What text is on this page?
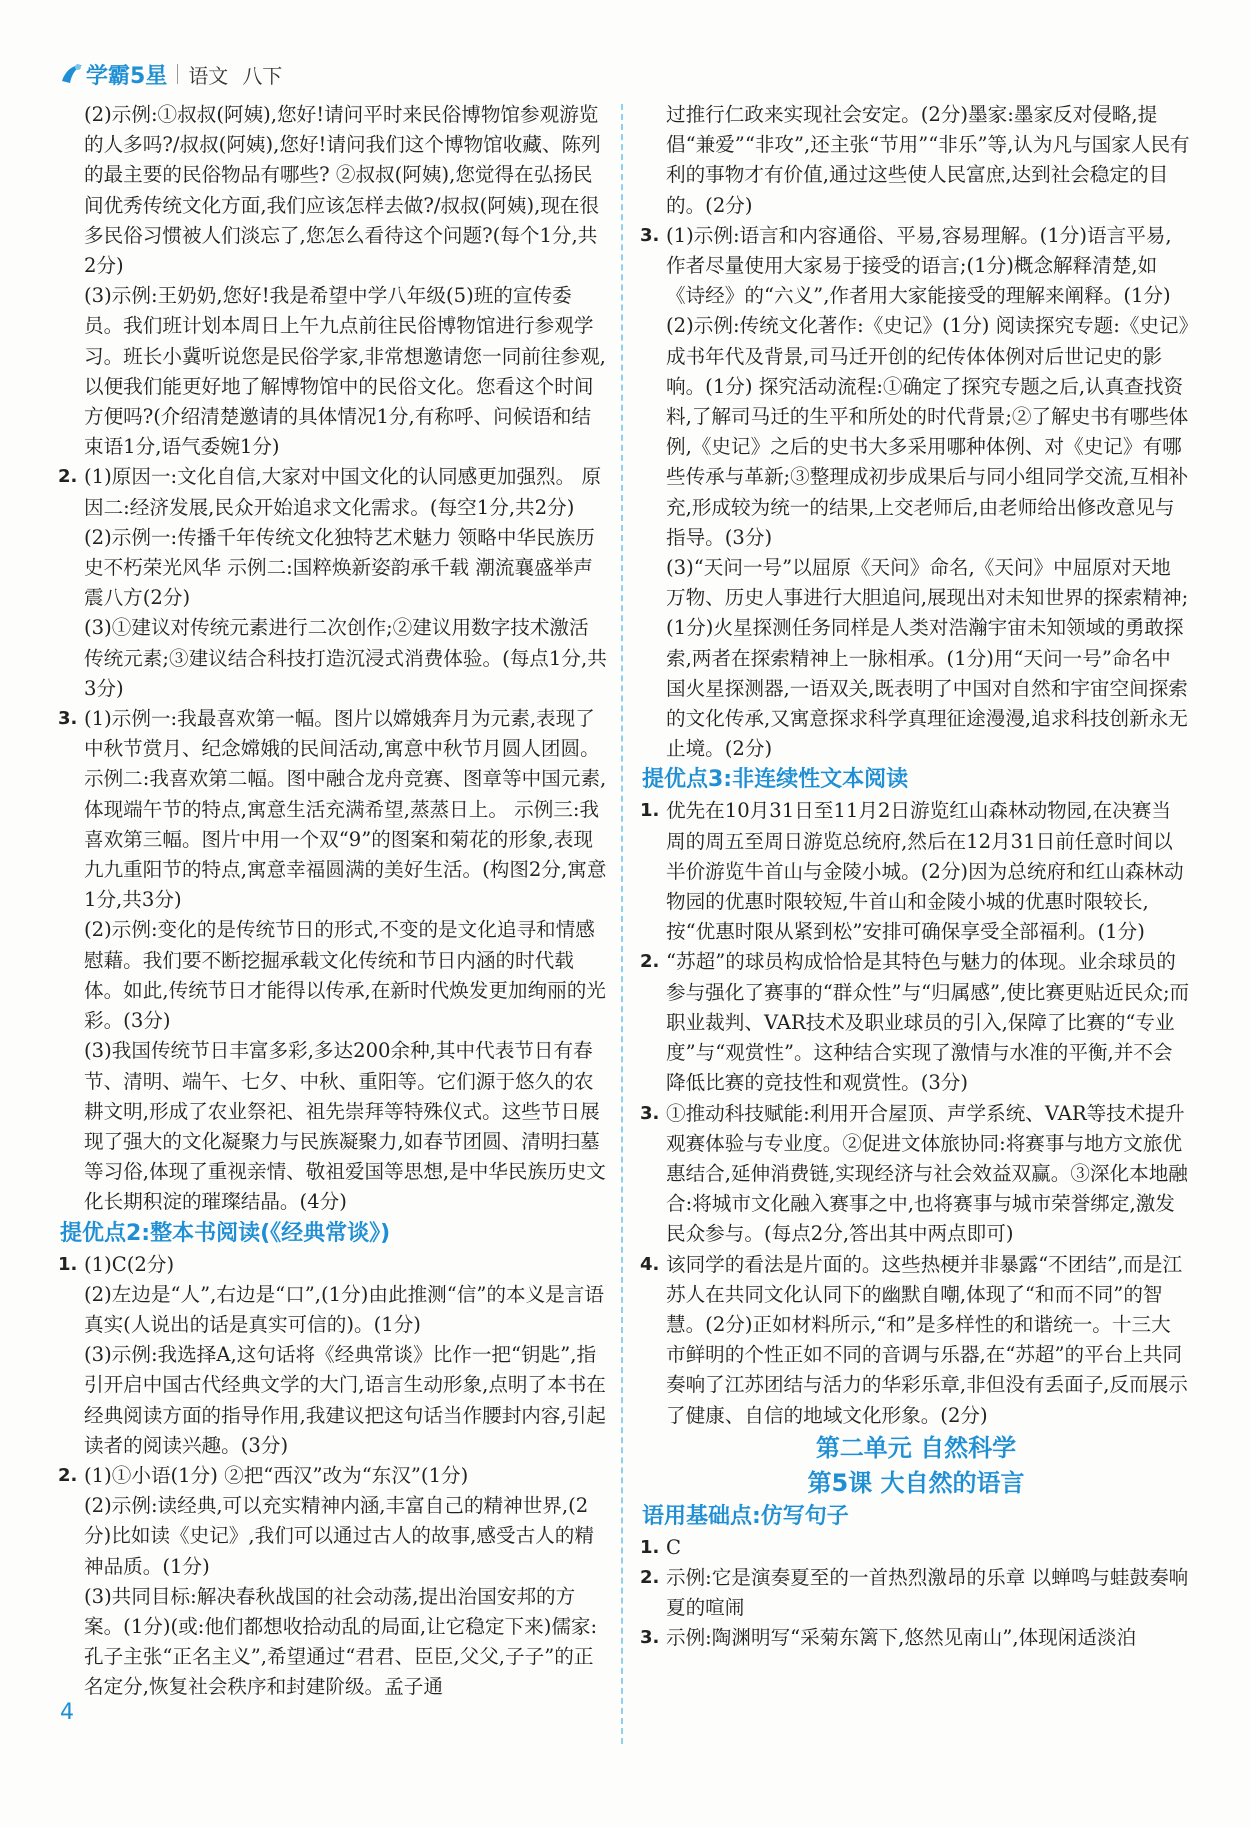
学霸5星 语文 八下
(2)示例:①叔叔(阿姨),您好!请问平时来民俗博物馆参观游览的人多吗?/叔叔(阿姨),您好!请问我们这个博物馆收藏、陈列的最主要的民俗物品有哪些? ②叔叔(阿姨),您觉得在弘扬民间优秀传统文化方面,我们应该怎样去做?/叔叔(阿姨),现在很多民俗习惯被人们淡忘了,您怎么看待这个问题?(每个1分,共2分)
(3)示例:王奶奶,您好!我是希望中学八年级(5)班的宣传委员。我们班计划本周日上午九点前往民俗博物馆进行参观学习。班长小冀听说您是民俗学家,非常想邀请您一同前往参观,以便我们能更好地了解博物馆中的民俗文化。您看这个时间方便吗?(介绍清楚邀请的具体情况1分,有称呼、问候语和结束语1分,语气委婉1分)
2. (1)原因一:文化自信,大家对中国文化的认同感更加强烈。 原因二:经济发展,民众开始追求文化需求。(每空1分,共2分)
(2)示例一:传播千年传统文化独特艺术魅力 领略中华民族历史不朽荣光风华 示例二:国粹焕新姿韵承千载 潮流襄盛举声震八方(2分)
(3)①建议对传统元素进行二次创作;②建议用数字技术激活传统元素;③建议结合科技打造沉浸式消费体验。(每点1分,共3分)
3. (1)示例一:我最喜欢第一幅。图片以嫦娥奔月为元素,表现了中秋节赏月、纪念嫦娥的民间活动,寓意中秋节月圆人团圆。 示例二:我喜欢第二幅。图中融合龙舟竞赛、图章等中国元素,体现端午节的特点,寓意生活充满希望,蒸蒸日上。 示例三:我喜欢第三幅。图片中用一个双“9”的图案和菊花的形象,表现九九重阳节的特点,寓意幸福圆满的美好生活。(构图2分,寓意1分,共3分)
(2)示例:变化的是传统节日的形式,不变的是文化追寻和情感慰藉。我们要不断挖掘承载文化传统和节日内涵的时代载体。如此,传统节日才能得以传承,在新时代焕发更加绚丽的光彩。(3分)
(3)我国传统节日丰富多彩,多达200余种,其中代表节日有春节、清明、端午、七夕、中秋、重阳等。它们源于悠久的农耕文明,形成了农业祭祀、祖先崇拜等特殊仪式。这些节日展现了强大的文化凝聚力与民族凝聚力,如春节团圆、清明扫墓等习俗,体现了重视亲情、敬祖爱国等思想,是中华民族历史文化长期积淀的璀璨结晶。(4分)
提优点2:整本书阅读(《经典常谈》)
1. (1)C(2分)
(2)左边是“人”,右边是“口”,(1分)由此推测“信”的本义是言语真实(人说出的话是真实可信的)。(1分)
(3)示例:我选择A,这句话将《经典常谈》比作一把“钥匙”,指引开启中国古代经典文学的大门,语言生动形象,点明了本书在经典阅读方面的指导作用,我建议把这句话当作腰封内容,引起读者的阅读兴趣。(3分)
2. (1)①小语(1分) ②把“西汉”改为“东汉”(1分)
(2)示例:读经典,可以充实精神内涵,丰富自己的精神世界,(2分)比如读《史记》,我们可以通过古人的故事,感受古人的精神品质。(1分)
(3)共同目标:解决春秋战国的社会动荡,提出治国安邦的方案。(1分)(或:他们都想收拾动乱的局面,让它稳定下来)儒家:孔子主张“正名主义”,希望通过“君君、臣臣,父父,子子”的正名定分,恢复社会秩序和封建阶级。孟子通
过推行仁政来实现社会安定。(2分)墨家:墨家反对侵略,提倡“兼爱”“非攻”,还主张“节用”“非乐”等,认为凡与国家人民有利的事物才有价值,通过这些使人民富庶,达到社会稳定的目的。(2分)
3. (1)示例:语言和内容通俗、平易,容易理解。(1分)语言平易,作者尽量使用大家易于接受的语言;(1分)概念解释清楚,如《诗经》的“六义”,作者用大家能接受的理解来阐释。(1分)
(2)示例:传统文化著作:《史记》(1分) 阅读探究专题:《史记》成书年代及背景,司马迁开创的纪传体体例对后世记史的影响。(1分) 探究活动流程:①确定了探究专题之后,认真查找资料,了解司马迁的生平和所处的时代背景;②了解史书有哪些体例,《史记》之后的史书大多采用哪种体例、对《史记》有哪些传承与革新;③整理成初步成果后与同小组同学交流,互相补充,形成较为统一的结果,上交老师后,由老师给出修改意见与指导。(3分)
(3)“天问一号”以屈原《天问》命名,《天问》中屈原对天地万物、历史人事进行大胆追问,展现出对未知世界的探索精神;(1分)火星探测任务同样是人类对浩瀚宇宙未知领域的勇敢探索,两者在探索精神上一脉相承。(1分)用“天问一号”命名中国火星探测器,一语双关,既表明了中国对自然和宇宙空间探索的文化传承,又寓意探求科学真理征途漫漫,追求科技创新永无止境。(2分)
提优点3:非连续性文本阅读
1. 优先在10月31日至11月2日游览红山森林动物园,在决赛当周的周五至周日游览总统府,然后在12月31日前任意时间以半价游览牛首山与金陵小城。(2分)因为总统府和红山森林动物园的优惠时限较短,牛首山和金陵小城的优惠时限较长,按“优惠时限从紧到松”安排可确保享受全部福利。(1分)
2. “苏超”的球员构成恰恰是其特色与魅力的体现。业余球员的参与强化了赛事的“群众性”与“归属感”,使比赛更贴近民众;而职业裁判、VAR技术及职业球员的引入,保障了比赛的“专业度”与“观赏性”。这种结合实现了激情与水准的平衡,并不会降低比赛的竞技性和观赏性。(3分)
3. ①推动科技赋能:利用开合屋顶、声学系统、VAR等技术提升观赛体验与专业度。②促进文体旅协同:将赛事与地方文旅优惠结合,延伸消费链,实现经济与社会效益双赢。③深化本地融合:将城市文化融入赛事之中,也将赛事与城市荣誉绑定,激发民众参与。(每点2分,答出其中两点即可)
4. 该同学的看法是片面的。这些热梗并非暴露“不团结”,而是江苏人在共同文化认同下的幽默自嘲,体现了“和而不同”的智慧。(2分)正如材料所示,“和”是多样性的和谐统一。十三大市鲜明的个性正如不同的音调与乐器,在“苏超”的平台上共同奏响了江苏团结与活力的华彩乐章,非但没有丢面子,反而展示了健康、自信的地域文化形象。(2分)
第二单元 自然科学
第5课 大自然的语言
语用基础点:仿写句子
1. C
2. 示例:它是演奏夏至的一首热烈激昂的乐章 以蝉鸣与蛙鼓奏响夏的喧闹
3. 示例:陶渊明写“采菊东篱下,悠然见南山”,体现闲适淡泊
4
